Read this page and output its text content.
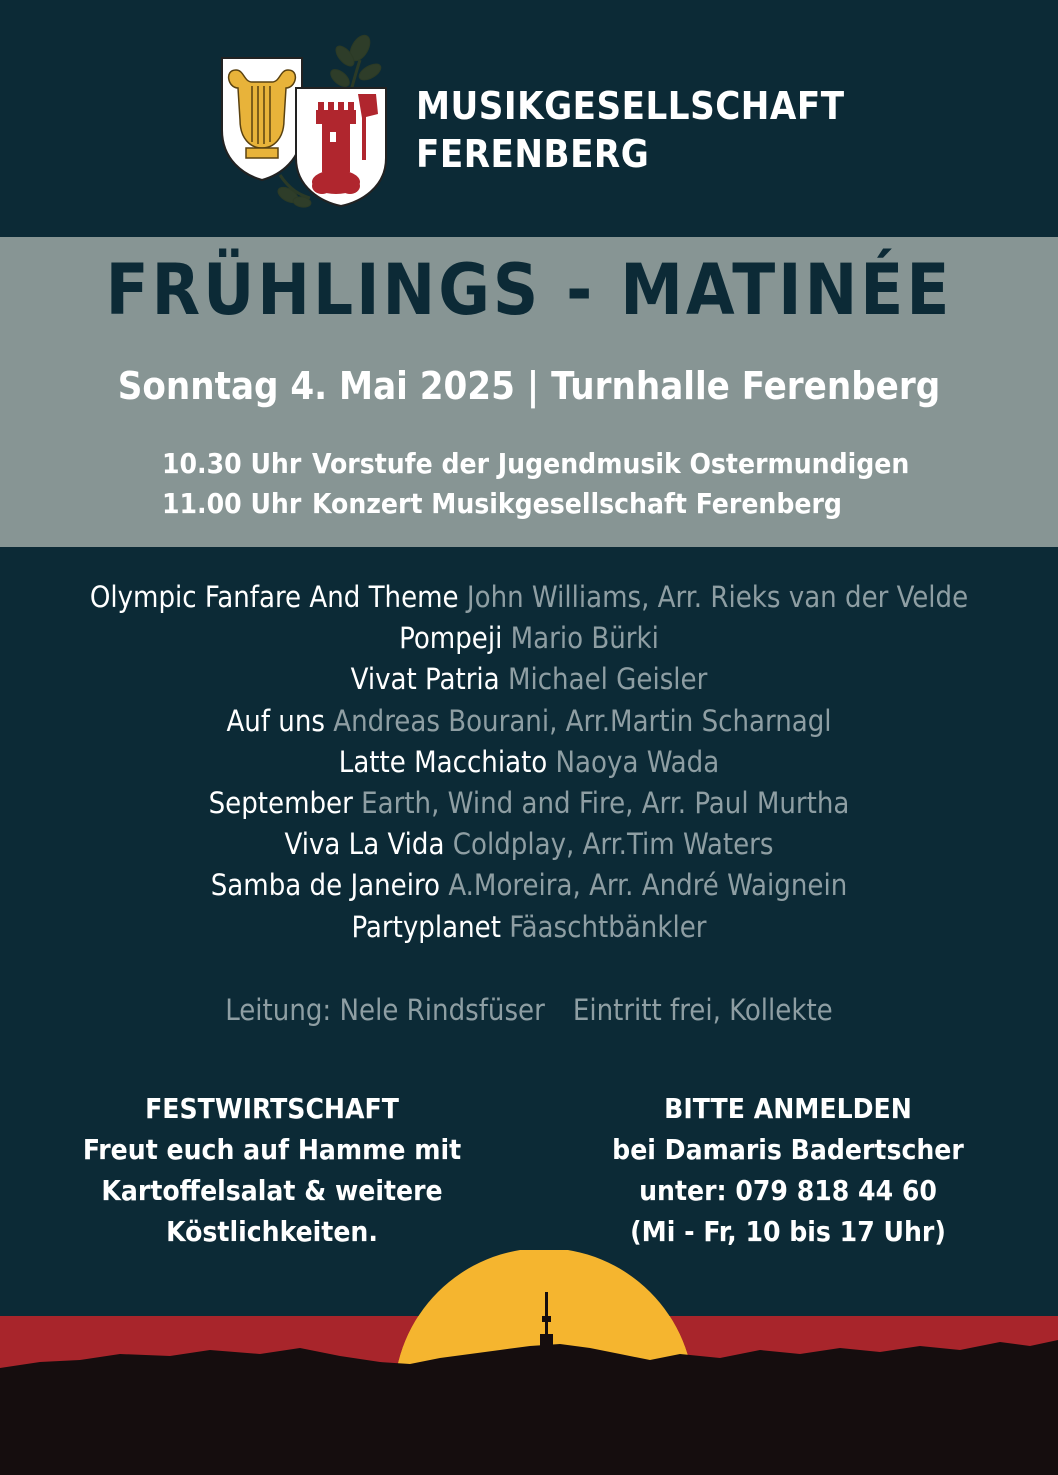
MUSIKGESELLSCHAFT
FERENBERG
FRÜHLINGS - MATINÉE
Sonntag 4. Mai 2025 | Turnhalle Ferenberg
10.30 Uhr Vorstufe der Jugendmusik Ostermundigen
11.00 Uhr Konzert Musikgesellschaft Ferenberg
Olympic Fanfare And Theme John Williams, Arr. Rieks van der Velde
Pompeji Mario Bürki
Vivat Patria Michael Geisler
Auf uns Andreas Bourani, Arr.Martin Scharnagl
Latte Macchiato Naoya Wada
September Earth, Wind and Fire, Arr. Paul Murtha
Viva La Vida Coldplay, Arr.Tim Waters
Samba de Janeiro A.Moreira, Arr. André Waignein
Partyplanet Fäaschtbänkler
Leitung: Nele Rindsfüser Eintritt frei, Kollekte
FESTWIRTSCHAFT
Freut euch auf Hamme mit
Kartoffelsalat & weitere
Köstlichkeiten.
BITTE ANMELDEN
bei Damaris Badertscher
unter: 079 818 44 60
(Mi - Fr, 10 bis 17 Uhr)
